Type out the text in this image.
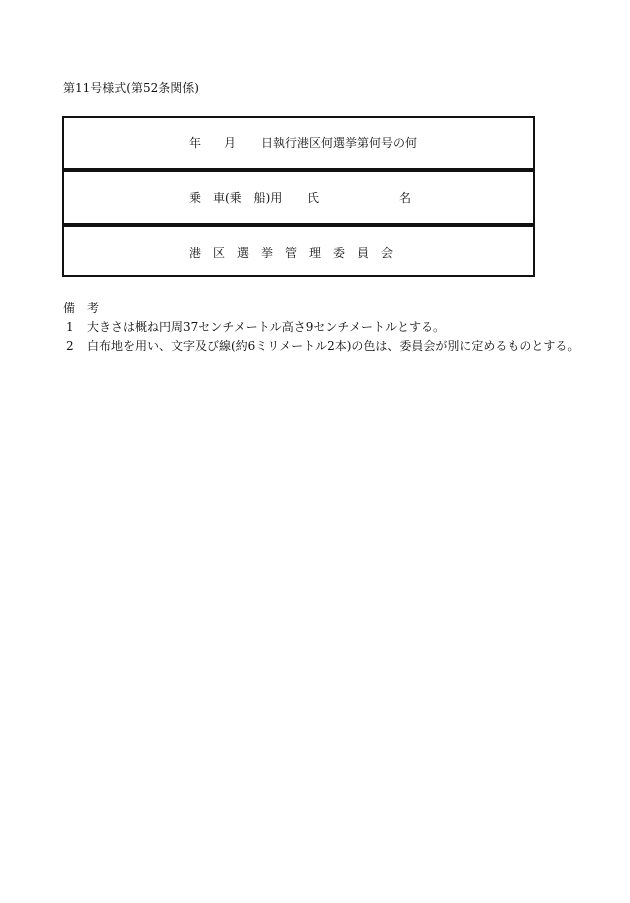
第11号様式(第52条関係)
年 月 日執行港区何選挙第何号の何
乗　車(乗　船)用 氏	名
港　区　選　挙　管　理　委　員　会
備　考
1 大きさは概ね円周37センチメートル高さ9センチメートルとする。
2 白布地を用い、文字及び線(約6ミリメートル2本)の色は、委員会が別に定めるものとする。
